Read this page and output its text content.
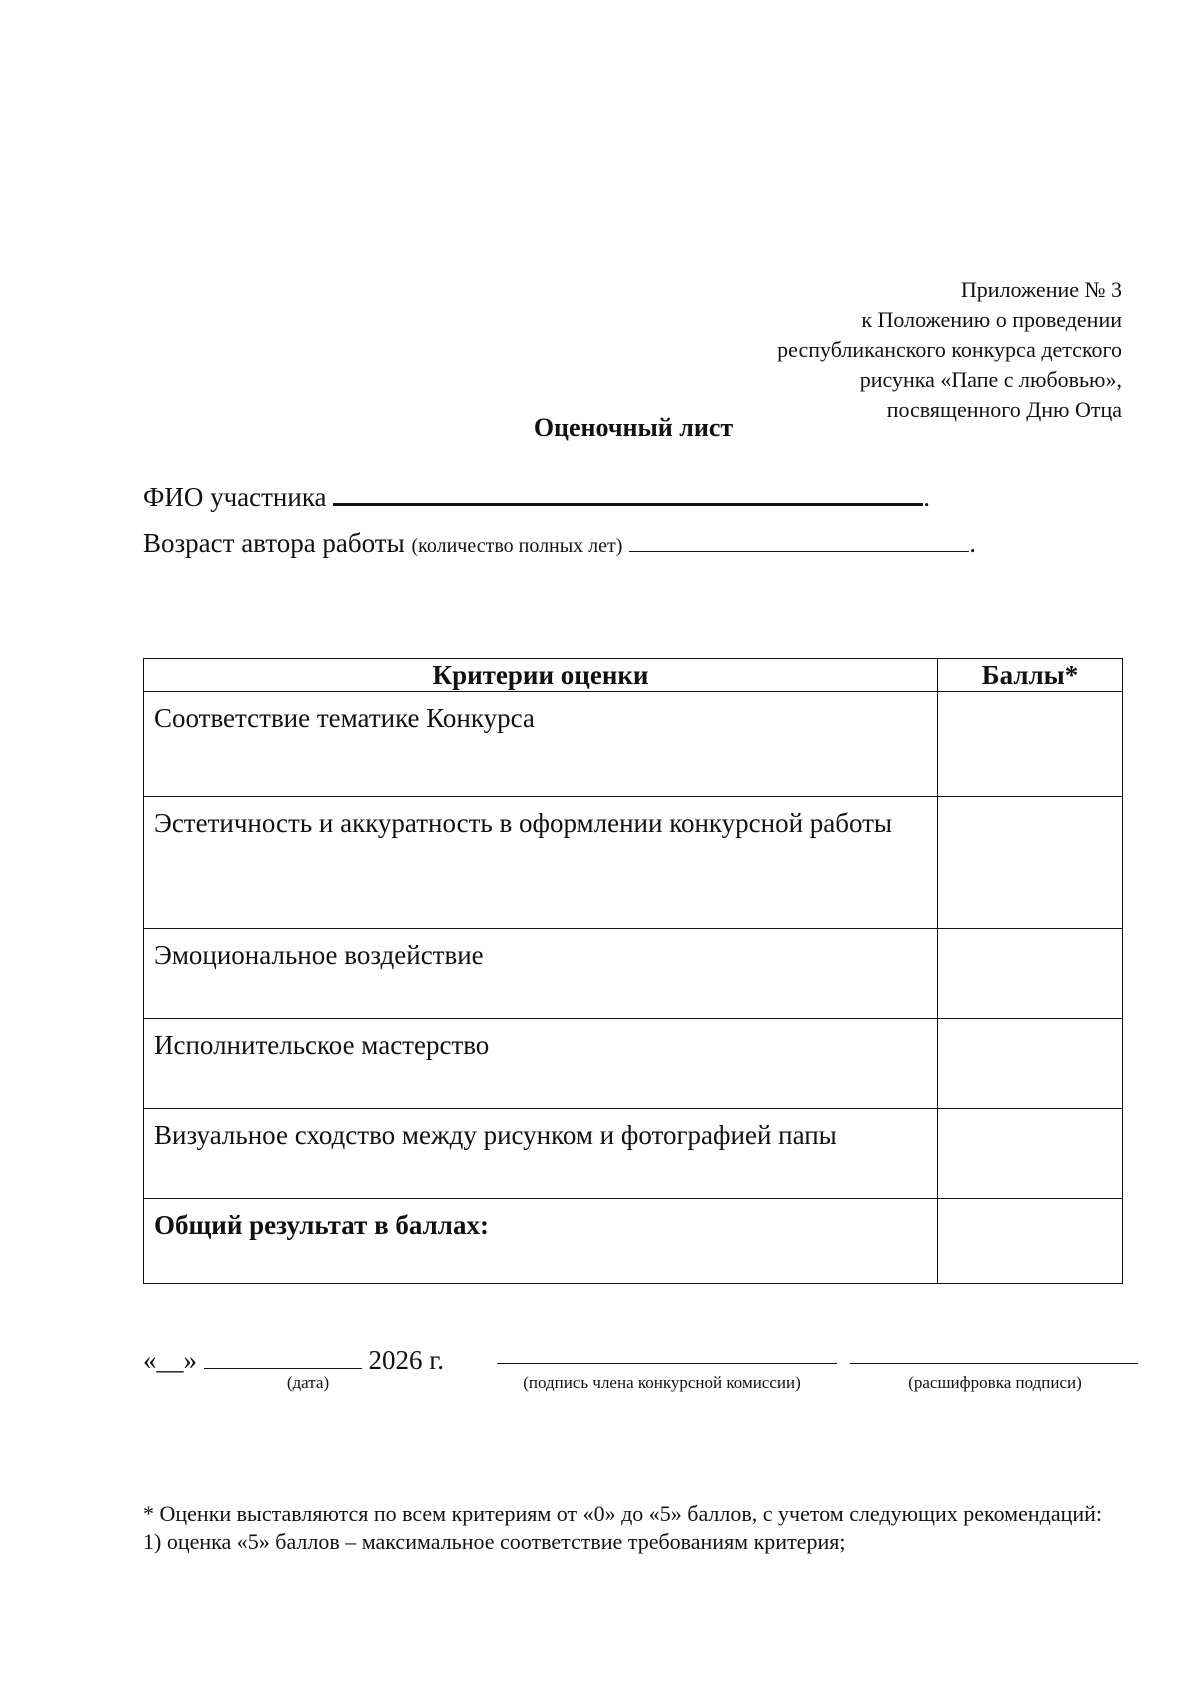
Приложение № 3
к Положению о проведении
республиканского конкурса детского
рисунка «Папе с любовью»,
посвященного Дню Отца
Оценочный лист
ФИО участника	.
Возраст автора работы (количество полных лет)	.
Критерии оценки	Баллы*
Соответствие тематике Конкурса	
Эстетичность и аккуратность в оформлении конкурсной работы	
Эмоциональное воздействие	
Исполнительское мастерство	
Визуальное сходство между рисунком и фотографией папы	
Общий результат в баллах:	
«__»	2026 г.
(дата)	(подпись члена конкурсной комиссии)	(расшифровка подписи)

* Оценки выставляются по всем критериям от «0» до «5» баллов, с учетом следующих рекомендаций:

1) оценка «5» баллов – максимальное соответствие требованиям критерия;
